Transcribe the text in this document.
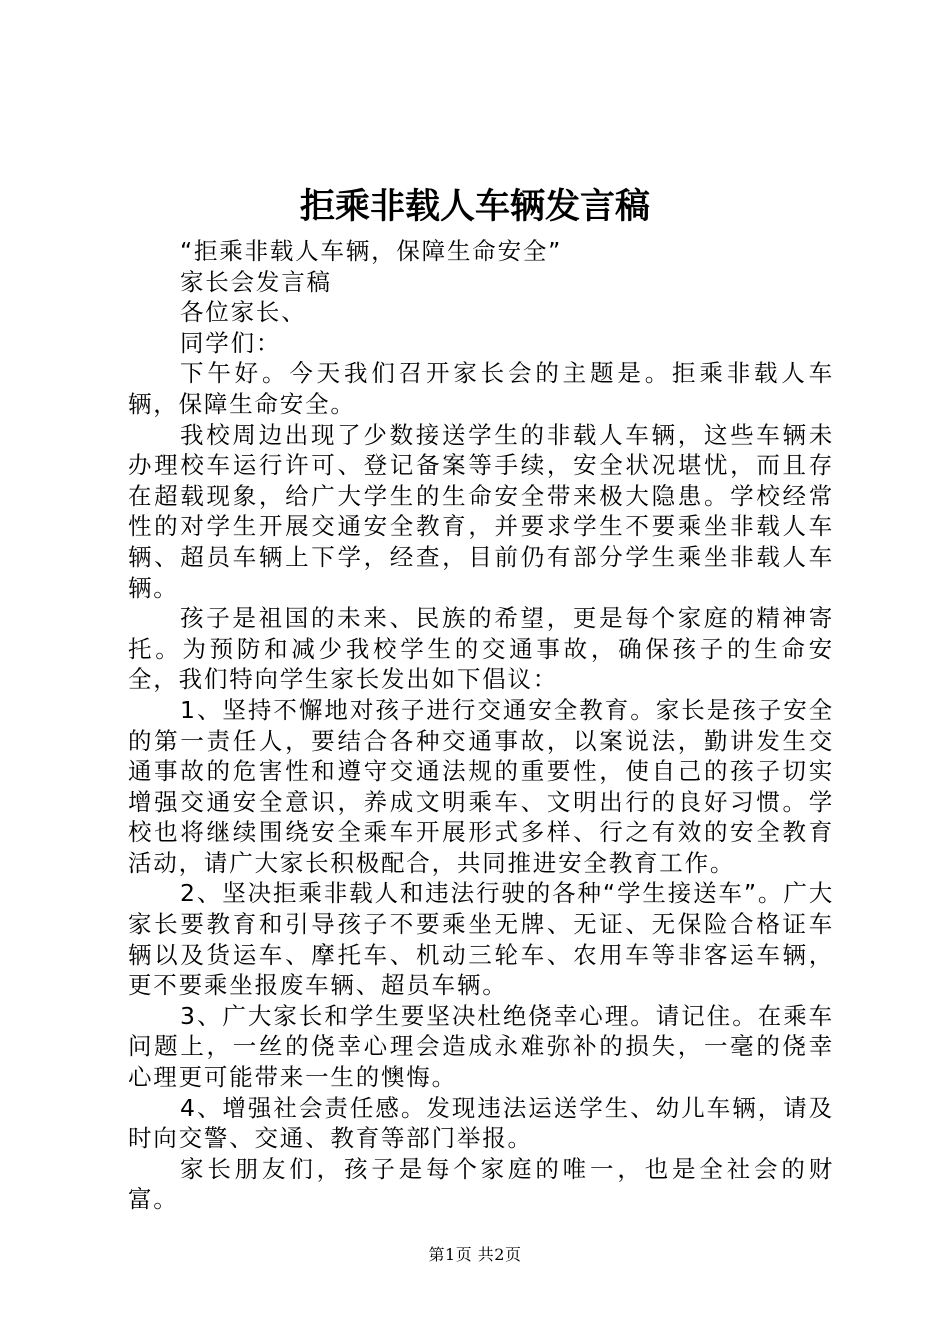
拒乘非载人车辆发言稿

“拒乘非载人车辆，保障生命安全”

家长会发言稿

各位家长、

同学们：

下午好。今天我们召开家长会的主题是。拒乘非载人车辆，保障生命安全。

我校周边出现了少数接送学生的非载人车辆，这些车辆未办理校车运行许可、登记备案等手续，安全状况堪忧，而且存在超载现象，给广大学生的生命安全带来极大隐患。学校经常性的对学生开展交通安全教育，并要求学生不要乘坐非载人车辆、超员车辆上下学，经查，目前仍有部分学生乘坐非载人车辆。

孩子是祖国的未来、民族的希望，更是每个家庭的精神寄托。为预防和减少我校学生的交通事故，确保孩子的生命安全，我们特向学生家长发出如下倡议：

1、坚持不懈地对孩子进行交通安全教育。家长是孩子安全的第一责任人，要结合各种交通事故，以案说法，勤讲发生交通事故的危害性和遵守交通法规的重要性，使自己的孩子切实增强交通安全意识，养成文明乘车、文明出行的良好习惯。学校也将继续围绕安全乘车开展形式多样、行之有效的安全教育活动，请广大家长积极配合，共同推进安全教育工作。

2、坚决拒乘非载人和违法行驶的各种“学生接送车”。广大家长要教育和引导孩子不要乘坐无牌、无证、无保险合格证车辆以及货运车、摩托车、机动三轮车、农用车等非客运车辆，更不要乘坐报废车辆、超员车辆。

3、广大家长和学生要坚决杜绝侥幸心理。请记住。在乘车问题上，一丝的侥幸心理会造成永难弥补的损失，一毫的侥幸心理更可能带来一生的懊悔。

4、增强社会责任感。发现违法运送学生、幼儿车辆，请及时向交警、交通、教育等部门举报。

家长朋友们，孩子是每个家庭的唯一，也是全社会的财富。

第1页 共2页
